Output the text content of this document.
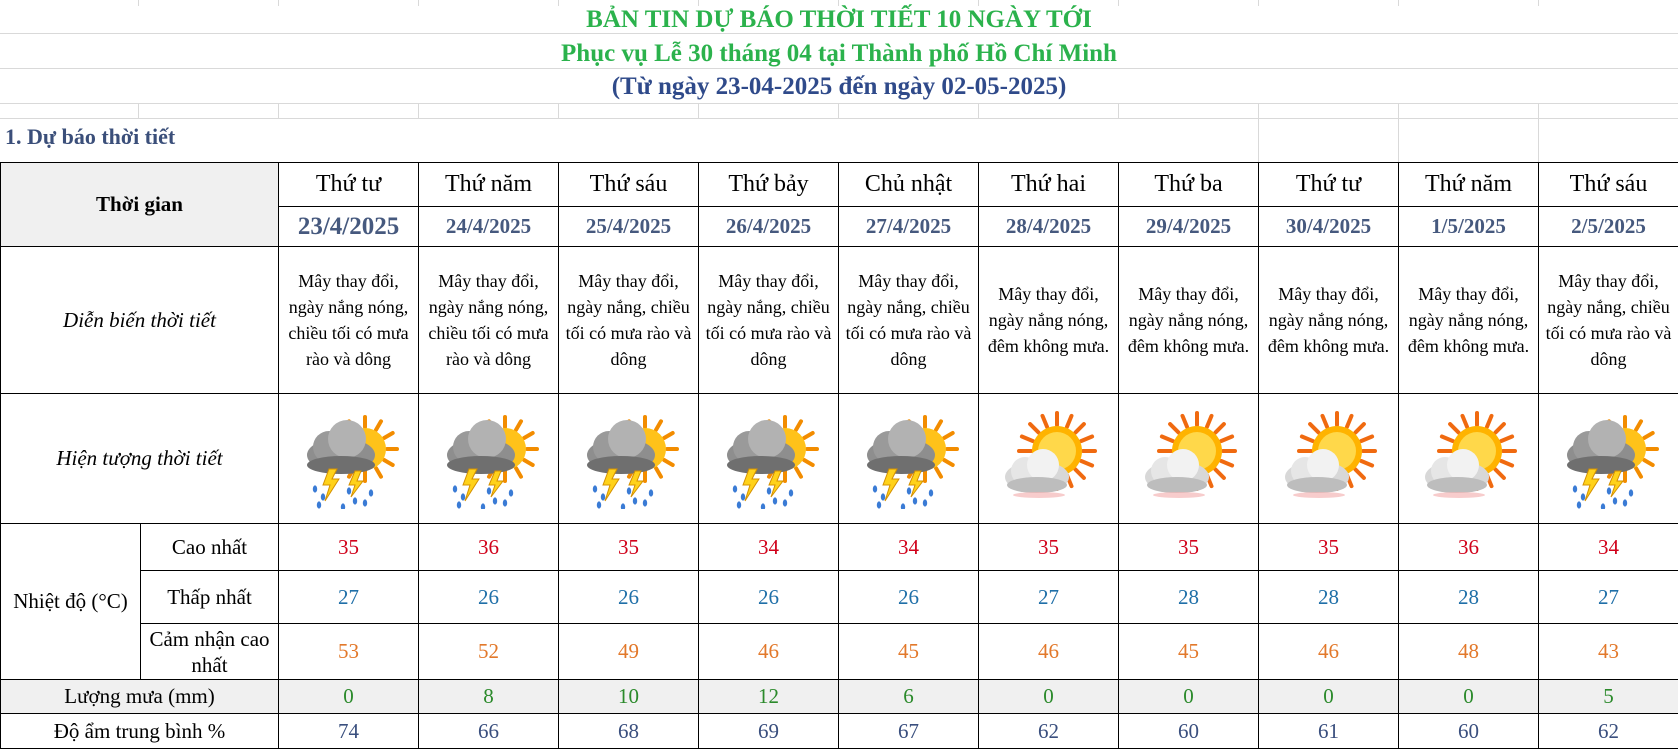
BẢN TIN DỰ BÁO THỜI TIẾT 10 NGÀY TỚI
Phục vụ Lễ 30 tháng 04 tại Thành phố Hồ Chí Minh
(Từ ngày 23-04-2025 đến ngày 02-05-2025)
1. Dự báo thời tiết
Thời gian		Thứ tư	Thứ năm	Thứ sáu	Thứ bảy	Chủ nhật	Thứ hai	Thứ ba	Thứ tư	Thứ năm	Thứ sáu
		23/4/2025	24/4/2025	25/4/2025	26/4/2025	27/4/2025	28/4/2025	29/4/2025	30/4/2025	1/5/2025	2/5/2025
Diễn biến thời tiết		Mây thay đổi, ngày nắng nóng, chiều tối có mưa rào và dông	Mây thay đổi, ngày nắng nóng, chiều tối có mưa rào và dông	Mây thay đổi, ngày nắng, chiều tối có mưa rào và dông	Mây thay đổi, ngày nắng, chiều tối có mưa rào và dông	Mây thay đổi, ngày nắng, chiều tối có mưa rào và dông	Mây thay đổi, ngày nắng nóng, đêm không mưa.	Mây thay đổi, ngày nắng nóng, đêm không mưa.	Mây thay đổi, ngày nắng nóng, đêm không mưa.	Mây thay đổi, ngày nắng nóng, đêm không mưa.	Mây thay đổi, ngày nắng, chiều tối có mưa rào và dông
Hiện tượng thời tiết	

Nhiệt độ (°C)	Cao nhất	35	36	35	34	34	35	35	35	36	34
	Thấp nhất	27	26	26	26	26	27	28	28	28	27
	Cảm nhận cao nhất	53	52	49	46	45	46	45	46	48	43
Lượng mưa (mm)		0	8	10	12	6	0	0	0	0	5
Độ ẩm trung bình %		74	66	68	69	67	62	60	61	60	62
